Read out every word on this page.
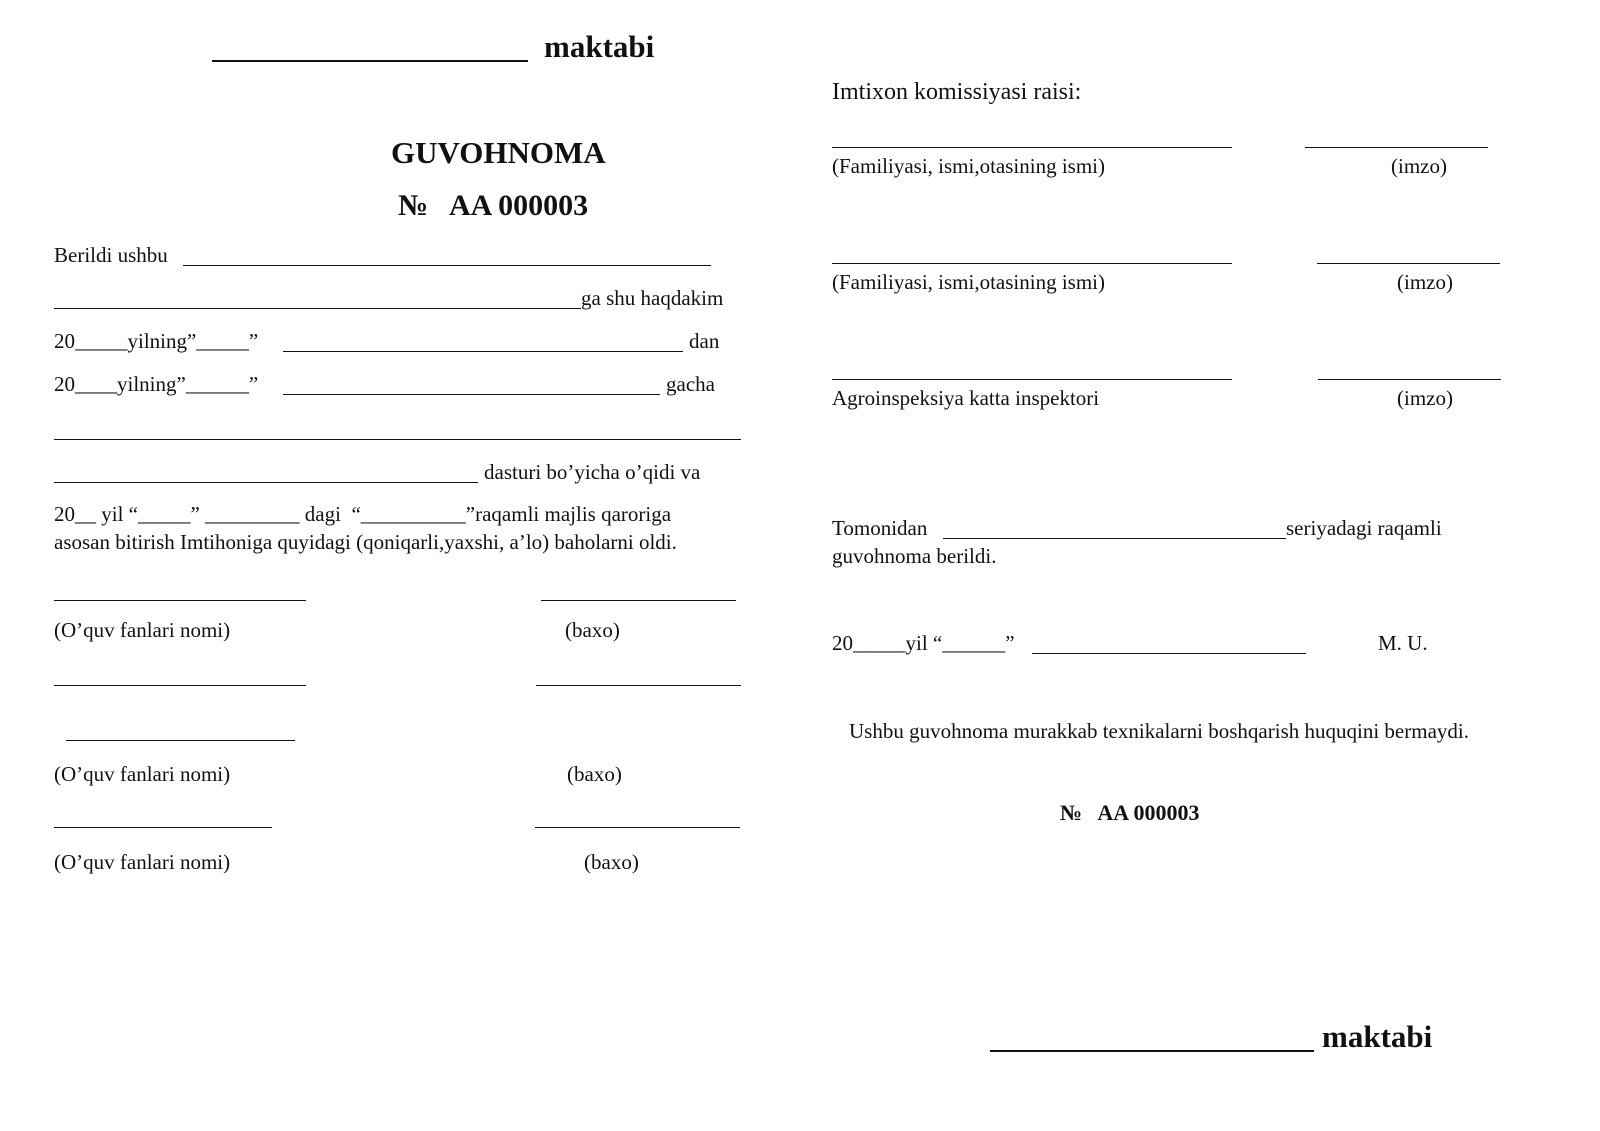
maktabi
GUVOHNOMA
№   AA 000003
Berildi ushbu
ga shu haqdakim
20_____yilning”_____”	dan
20____yilning”______”	gacha
dasturi bo’yicha o’qidi va
20__ yil “_____” _________ dagi  “__________”raqamli majlis qaroriga
asosan bitirish Imtihoniga quyidagi (qoniqarli,yaxshi, a’lo) baholarni oldi.
(O’quv fanlari nomi)	(baxo)
(O’quv fanlari nomi)	(baxo)
(O’quv fanlari nomi)	(baxo)
Imtixon komissiyasi raisi:
(Familiyasi, ismi,otasining ismi)	(imzo)
(Familiyasi, ismi,otasining ismi)	(imzo)
Agroinspeksiya katta inspektori	(imzo)
Tomonidan	seriyadagi raqamli
guvohnoma berildi.
20_____yil “______”	M. U.
Ushbu guvohnoma murakkab texnikalarni boshqarish huquqini bermaydi.
№   AA 000003
maktabi
